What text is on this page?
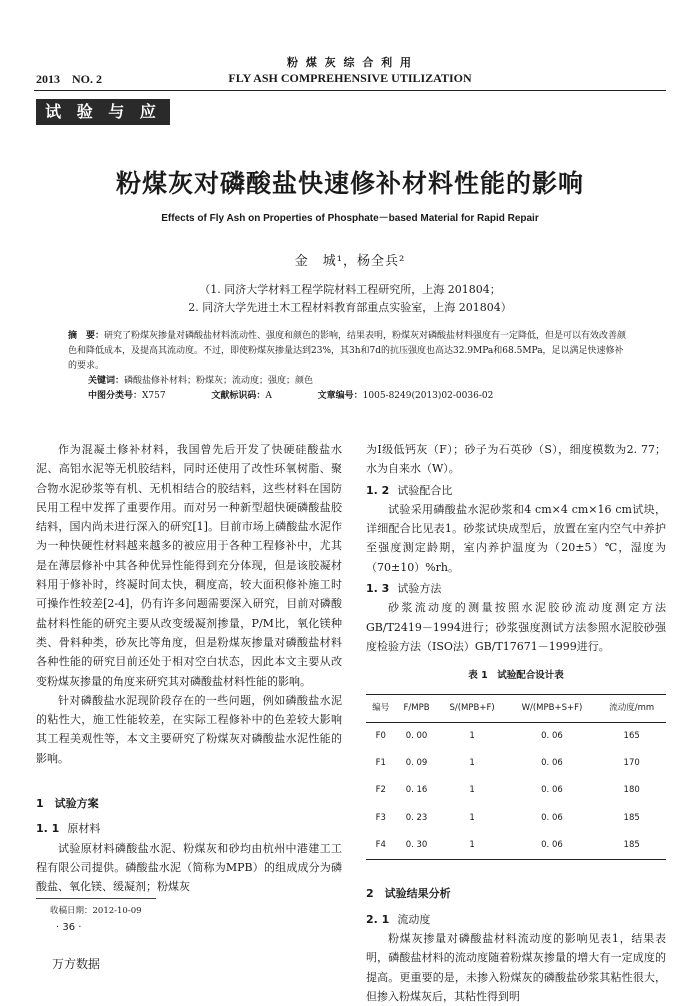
粉 煤 灰 综 合 利 用
2013　NO. 2	FLY ASH COMPREHENSIVE UTILIZATION
试 验 与 应 用
粉煤灰对磷酸盐快速修补材料性能的影响
Effects of Fly Ash on Properties of Phosphate－based Material for Rapid Repair
金　城¹，杨全兵²
（1. 同济大学材料工程学院材料工程研究所，上海 201804；
2. 同济大学先进土木工程材料教育部重点实验室，上海 201804）
摘　要：研究了粉煤灰掺量对磷酸盐材料流动性、强度和颜色的影响，结果表明，粉煤灰对磷酸盐材料强度有一定降低，但是可以有效改善颜色和降低成本，及提高其流动度。不过，即使粉煤灰掺量达到23%，其3h和7d的抗压强度也高达32.9MPa和68.5MPa，足以满足快速修补的要求。
关键词：磷酸盐修补材料；粉煤灰；流动度；强度；颜色
中图分类号：X757	文献标识码：A	文章编号：1005-8249(2013)02-0036-02

作为混凝土修补材料，我国曾先后开发了快硬硅酸盐水泥、高铝水泥等无机胶结料，同时还使用了改性环氧树脂、聚合物水泥砂浆等有机、无机相结合的胶结料，这些材料在国防民用工程中发挥了重要作用。而对另一种新型超快硬磷酸盐胶结料，国内尚未进行深入的研究[1]。目前市场上磷酸盐水泥作为一种快硬性材料越来越多的被应用于各种工程修补中，尤其是在薄层修补中其各种优异性能得到充分体现，但是该胶凝材料用于修补时，终凝时间太快，稠度高，较大面积修补施工时可操作性较差[2-4]，仍有许多问题需要深入研究，目前对磷酸盐材料性能的研究主要从改变缓凝剂掺量，P/M比，氧化镁种类、骨料种类，砂灰比等角度，但是粉煤灰掺量对磷酸盐材料各种性能的研究目前还处于相对空白状态，因此本文主要从改变粉煤灰掺量的角度来研究其对磷酸盐材料性能的影响。

针对磷酸盐水泥现阶段存在的一些问题，例如磷酸盐水泥的粘性大，施工性能较差，在实际工程修补中的色差较大影响其工程美观性等，本文主要研究了粉煤灰对磷酸盐水泥性能的影响。

1　试验方案
1. 1 原材料

试验原材料磷酸盐水泥、粉煤灰和砂均由杭州中港建工工程有限公司提供。磷酸盐水泥（简称为MPB）的组成成分为磷酸盐、氧化镁、缓凝剂；粉煤灰

为Ⅰ级低钙灰（F）；砂子为石英砂（S），细度模数为2. 77；水为自来水（W）。

1. 2 试验配合比

试验采用磷酸盐水泥砂浆和4 cm×4 cm×16 cm试块，详细配合比见表1。砂浆试块成型后，放置在室内空气中养护至强度测定龄期，室内养护温度为（20±5）℃，湿度为（70±10）%rh。

1. 3 试验方法

砂浆流动度的测量按照水泥胶砂流动度测定方法GB/T2419－1994进行；砂浆强度测试方法参照水泥胶砂强度检验方法（ISO法）GB/T17671－1999进行。

表 1　试验配合设计表
编号	F/MPB	S/(MPB+F)	W/(MPB+S+F)	流动度/mm
F0	0. 00	1	0. 06	165
F1	0. 09	1	0. 06	170
F2	0. 16	1	0. 06	180
F3	0. 23	1	0. 06	185
F4	0. 30	1	0. 06	185
2　试验结果分析
2. 1 流动度

粉煤灰掺量对磷酸盐材料流动度的影响见表1，结果表明，磷酸盐材料的流动度随着粉煤灰掺量的增大有一定成度的提高。更重要的是，未掺入粉煤灰的磷酸盐砂浆其粘性很大，但掺入粉煤灰后，其粘性得到明

收稿日期：2012-10-09
· 36 ·
万方数据
